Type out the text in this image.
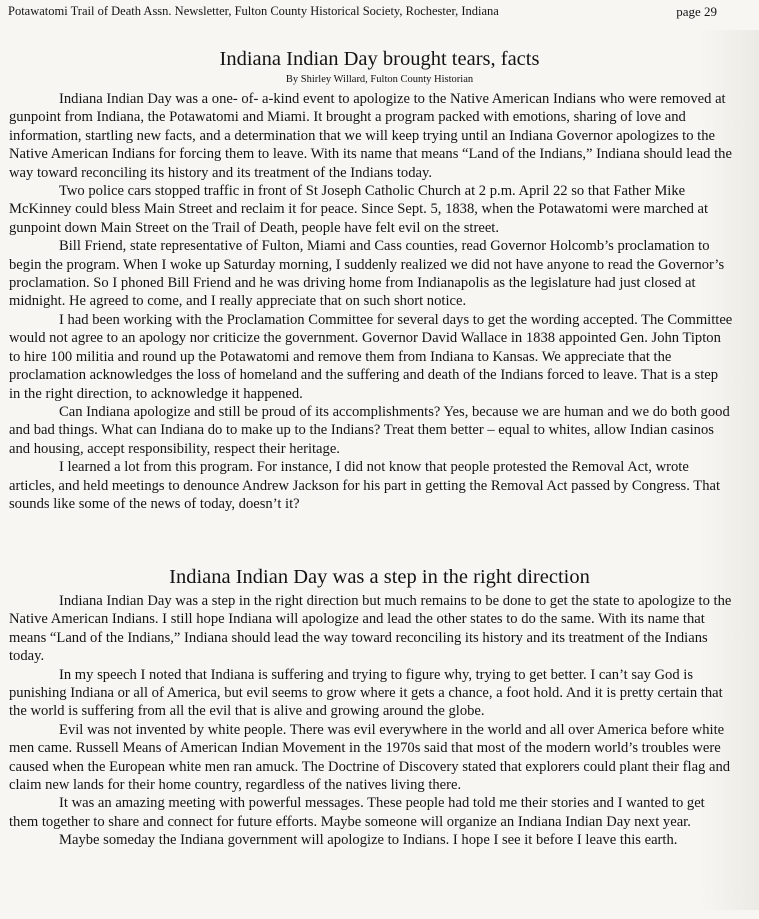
Potawatomi Trail of Death Assn. Newsletter, Fulton County Historical Society, Rochester, Indiana	page 29
Indiana Indian Day brought tears, facts
By Shirley Willard, Fulton County Historian

Indiana Indian Day was a one- of- a-kind event to apologize to the Native American Indians who were removed at gunpoint from Indiana, the Potawatomi and Miami. It brought a program packed with emotions, sharing of love and information, startling new facts, and a determination that we will keep trying until an Indiana Governor apologizes to the Native American Indians for forcing them to leave. With its name that means “Land of the Indians,” Indiana should lead the way toward reconciling its history and its treatment of the Indians today.

Two police cars stopped traffic in front of St Joseph Catholic Church at 2 p.m. April 22 so that Father Mike McKinney could bless Main Street and reclaim it for peace. Since Sept. 5, 1838, when the Potawatomi were marched at gunpoint down Main Street on the Trail of Death, people have felt evil on the street.

Bill Friend, state representative of Fulton, Miami and Cass counties, read Governor Holcomb’s proclamation to begin the program. When I woke up Saturday morning, I suddenly realized we did not have anyone to read the Governor’s proclamation. So I phoned Bill Friend and he was driving home from Indianapolis as the legislature had just closed at midnight. He agreed to come, and I really appreciate that on such short notice.

I had been working with the Proclamation Committee for several days to get the wording accepted. The Committee would not agree to an apology nor criticize the government. Governor David Wallace in 1838 appointed Gen. John Tipton to hire 100 militia and round up the Potawatomi and remove them from Indiana to Kansas. We appreciate that the proclamation acknowledges the loss of homeland and the suffering and death of the Indians forced to leave. That is a step in the right direction, to acknowledge it happened.

Can Indiana apologize and still be proud of its accomplishments? Yes, because we are human and we do both good and bad things. What can Indiana do to make up to the Indians? Treat them better – equal to whites, allow Indian casinos and housing, accept responsibility, respect their heritage.

I learned a lot from this program. For instance, I did not know that people protested the Removal Act, wrote articles, and held meetings to denounce Andrew Jackson for his part in getting the Removal Act passed by Congress. That sounds like some of the news of today, doesn’t it?

Indiana Indian Day was a step in the right direction

Indiana Indian Day was a step in the right direction but much remains to be done to get the state to apologize to the Native American Indians. I still hope Indiana will apologize and lead the other states to do the same. With its name that means “Land of the Indians,” Indiana should lead the way toward reconciling its history and its treatment of the Indians today.

In my speech I noted that Indiana is suffering and trying to figure why, trying to get better. I can’t say God is punishing Indiana or all of America, but evil seems to grow where it gets a chance, a foot hold. And it is pretty certain that the world is suffering from all the evil that is alive and growing around the globe.

Evil was not invented by white people. There was evil everywhere in the world and all over America before white men came. Russell Means of American Indian Movement in the 1970s said that most of the modern world’s troubles were caused when the European white men ran amuck. The Doctrine of Discovery stated that explorers could plant their flag and claim new lands for their home country, regardless of the natives living there.

It was an amazing meeting with powerful messages. These people had told me their stories and I wanted to get them together to share and connect for future efforts. Maybe someone will organize an Indiana Indian Day next year.

Maybe someday the Indiana government will apologize to Indians. I hope I see it before I leave this earth.
